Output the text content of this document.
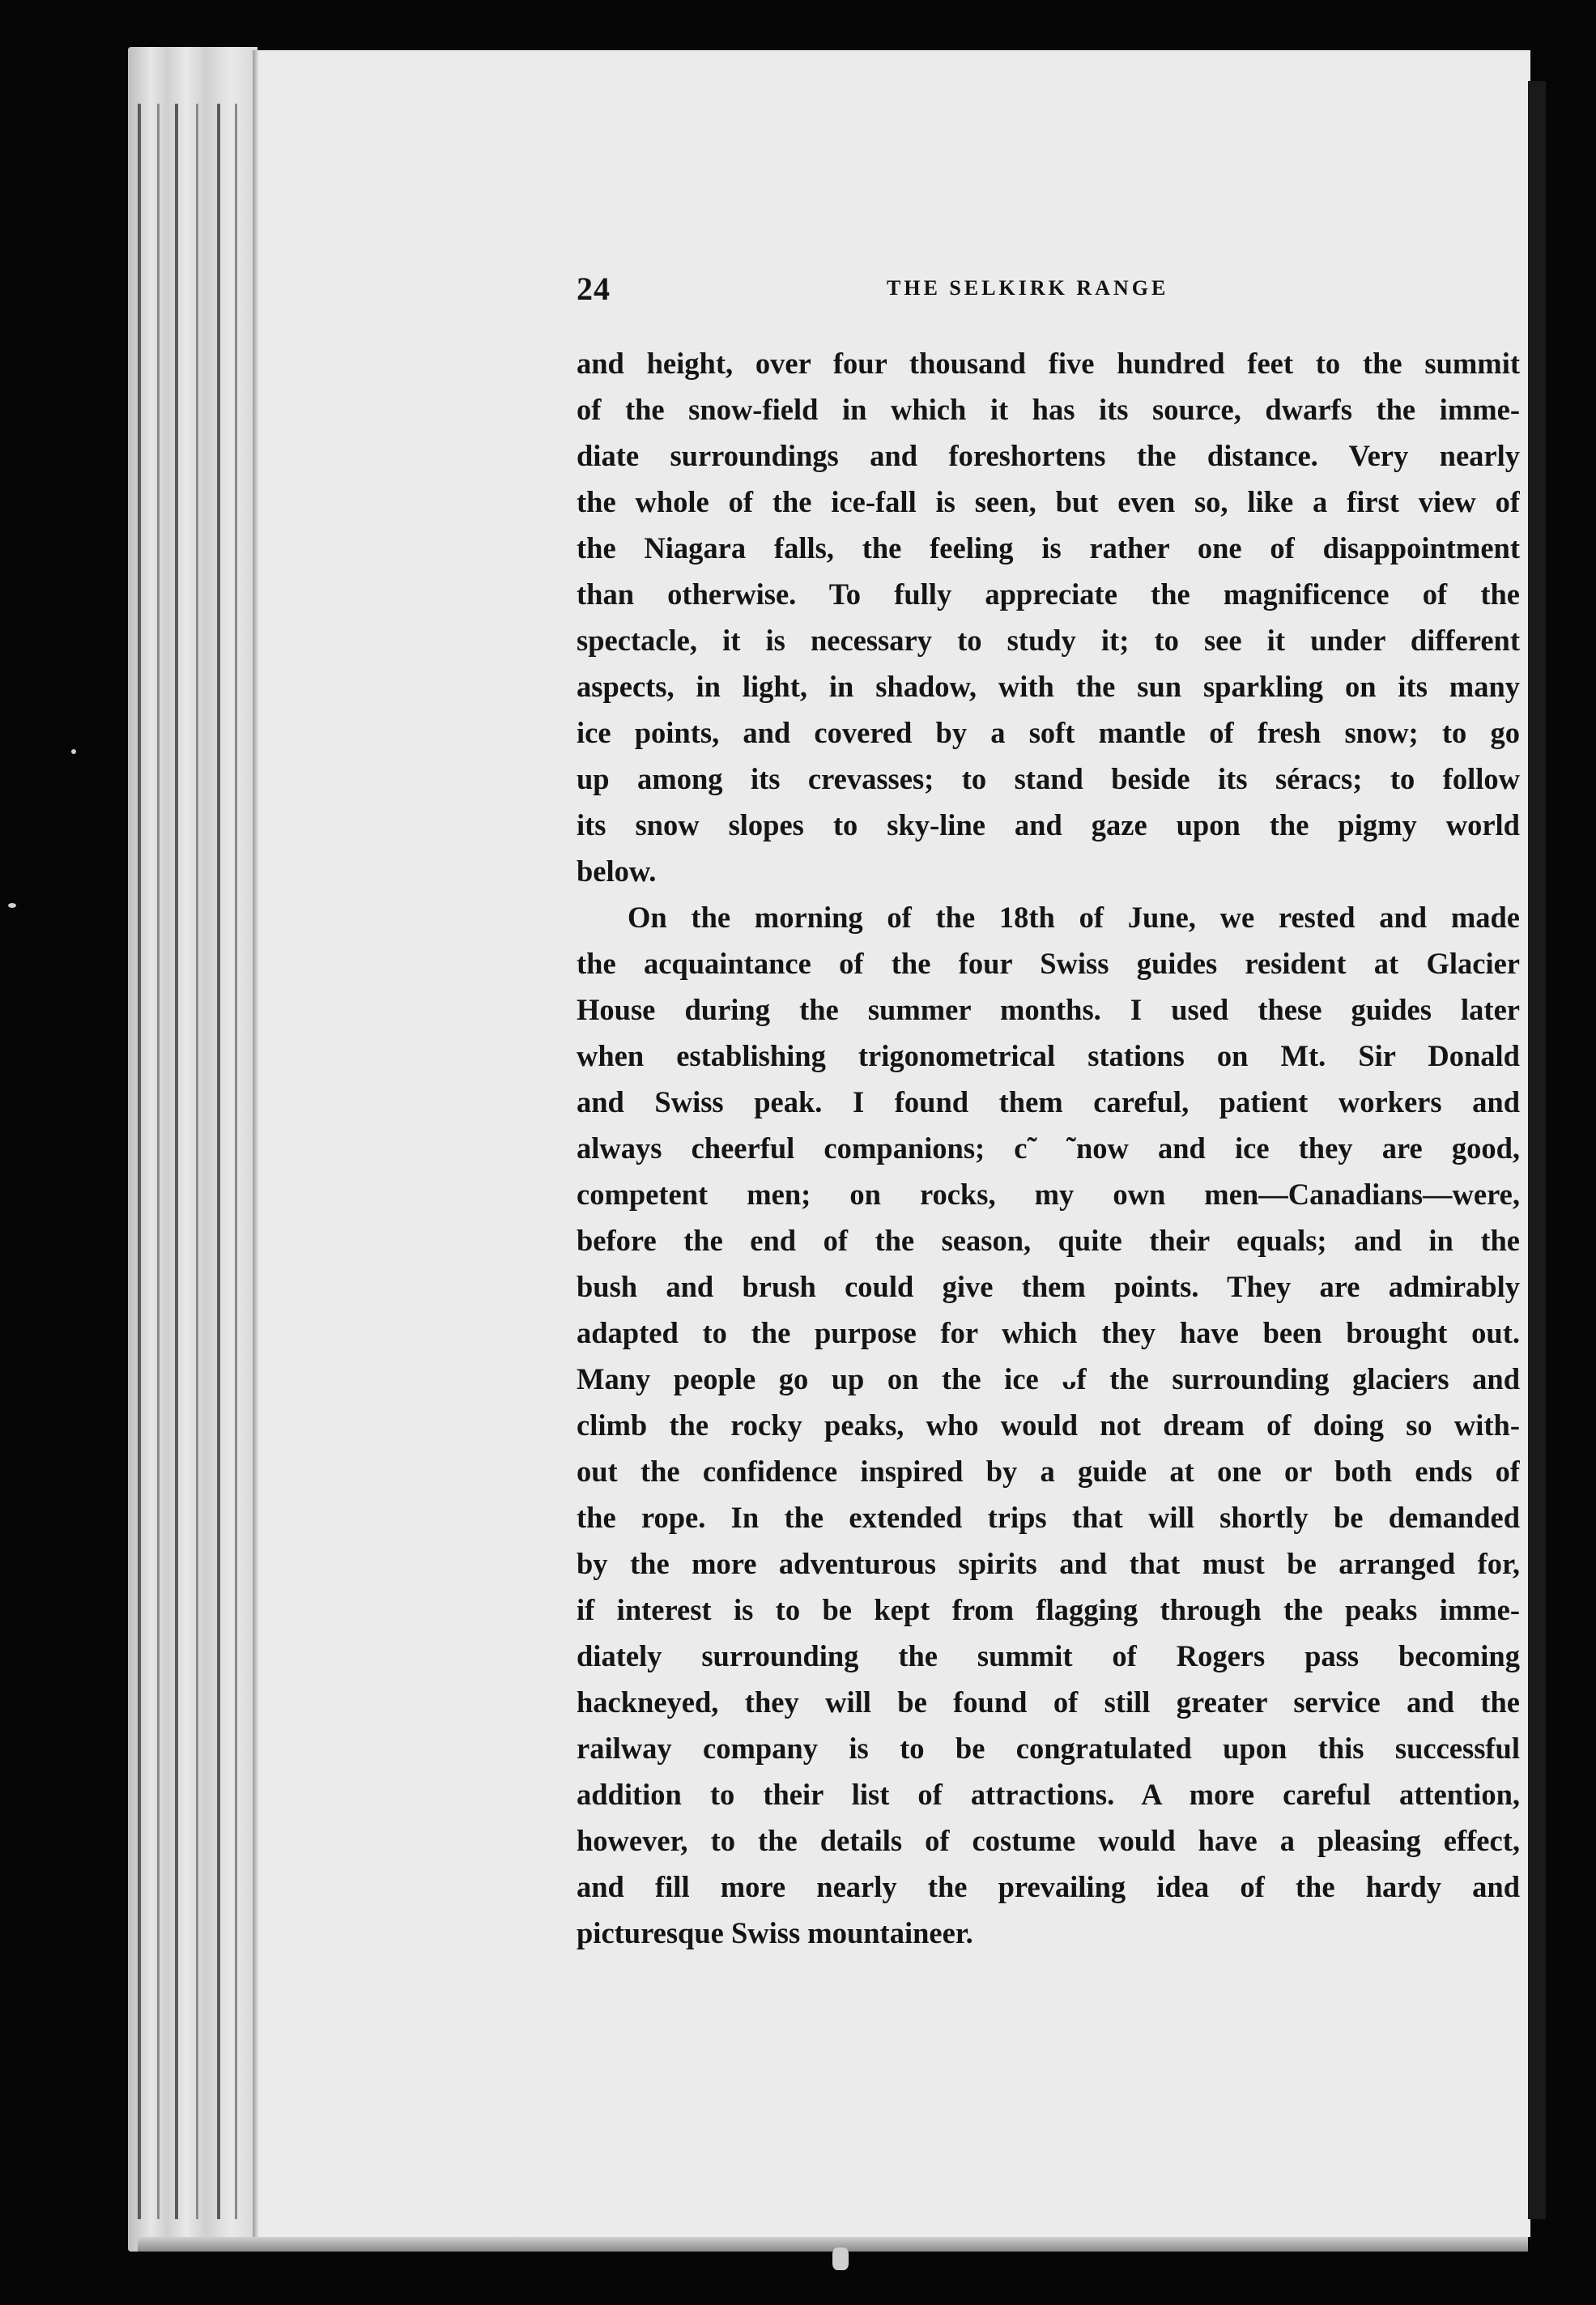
24	THE SELKIRK RANGE
and height, over four thousand five hundred feet to the summit
of the snow-field in which it has its source, dwarfs the imme-
diate surroundings and foreshortens the distance. Very nearly
the whole of the ice-fall is seen, but even so, like a first view of
the Niagara falls, the feeling is rather one of disappointment
than otherwise. To fully appreciate the magnificence of the
spectacle, it is necessary to study it; to see it under different
aspects, in light, in shadow, with the sun sparkling on its many
ice points, and covered by a soft mantle of fresh snow; to go
up among its crevasses; to stand beside its séracs; to follow
its snow slopes to sky-line and gaze upon the pigmy world
below.
On the morning of the 18th of June, we rested and made
the acquaintance of the four Swiss guides resident at Glacier
House during the summer months. I used these guides later
when establishing trigonometrical stations on Mt. Sir Donald
and Swiss peak. I found them careful, patient workers and
always cheerful companions; c˜ ˜now and ice they are good,
competent men; on rocks, my own men—Canadians—were,
before the end of the season, quite their equals; and in the
bush and brush could give them points. They are admirably
adapted to the purpose for which they have been brought out.
Many people go up on the ice ᴗf the surrounding glaciers and
climb the rocky peaks, who would not dream of doing so with-
out the confidence inspired by a guide at one or both ends of
the rope. In the extended trips that will shortly be demanded
by the more adventurous spirits and that must be arranged for,
if interest is to be kept from flagging through the peaks imme-
diately surrounding the summit of Rogers pass becoming
hackneyed, they will be found of still greater service and the
railway company is to be congratulated upon this successful
addition to their list of attractions. A more careful attention,
however, to the details of costume would have a pleasing effect,
and fill more nearly the prevailing idea of the hardy and
picturesque Swiss mountaineer.
